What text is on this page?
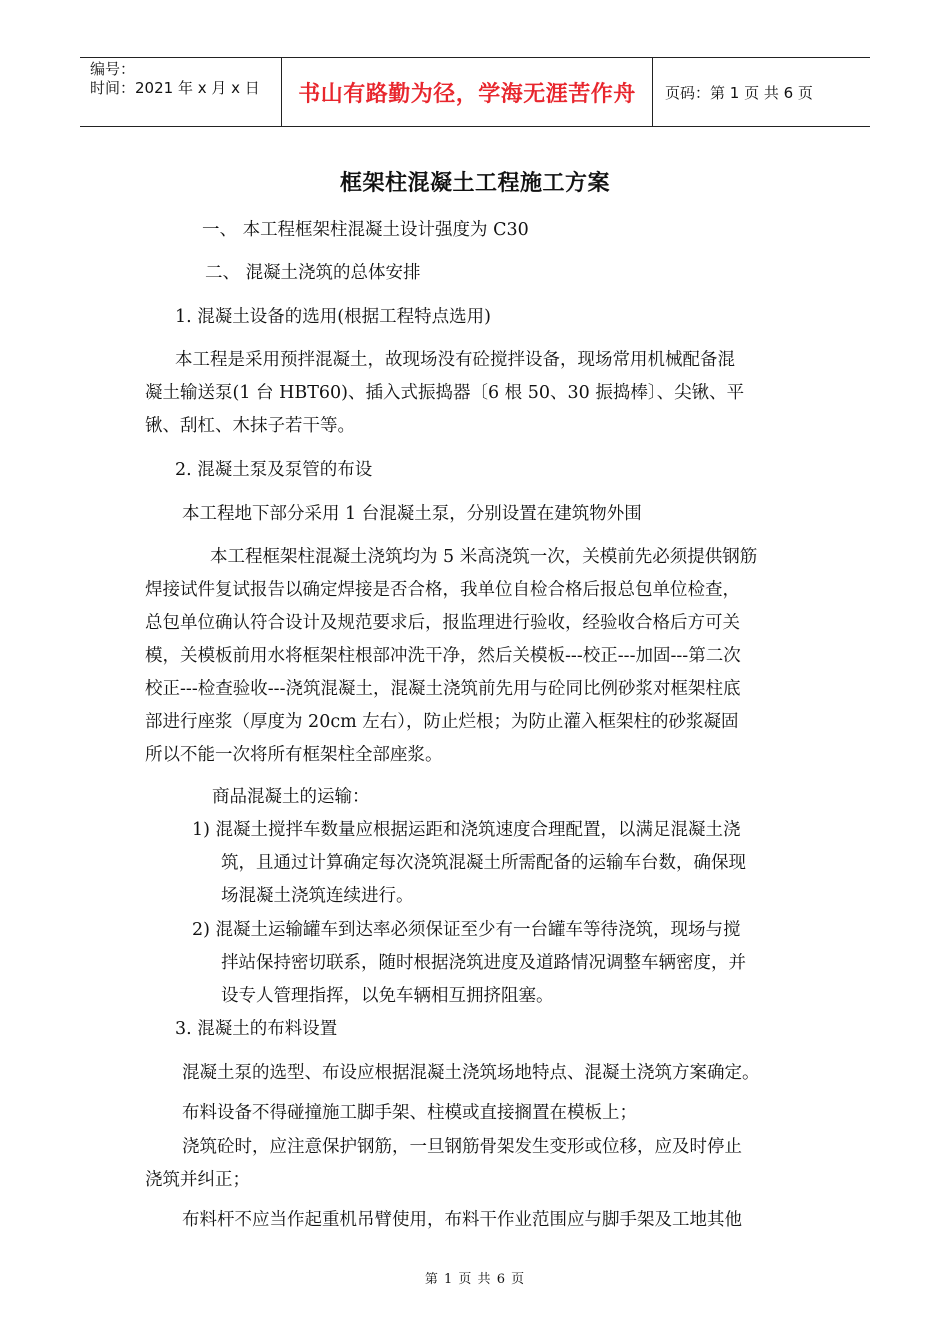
编号：
时间：2021 年 x 月 x 日	书山有路勤为径，学海无涯苦作舟	页码：第 1 页 共 6 页
框架柱混凝土工程施工方案
一、 本工程框架柱混凝土设计强度为 C30
二、 混凝土浇筑的总体安排
1. 混凝土设备的选用(根据工程特点选用)
本工程是采用预拌混凝土，故现场没有砼搅拌设备，现场常用机械配备混
凝土输送泵(1 台 HBT60)、插入式振捣器〔6 根 50、30 振捣棒〕、尖锹、平
锹、刮杠、木抹子若干等。
2. 混凝土泵及泵管的布设
本工程地下部分采用 1 台混凝土泵，分别设置在建筑物外围
本工程框架柱混凝土浇筑均为 5 米高浇筑一次，关模前先必须提供钢筋
焊接试件复试报告以确定焊接是否合格，我单位自检合格后报总包单位检查，
总包单位确认符合设计及规范要求后，报监理进行验收，经验收合格后方可关
模，关模板前用水将框架柱根部冲洗干净，然后关模板---校正---加固---第二次
校正---检查验收---浇筑混凝土，混凝土浇筑前先用与砼同比例砂浆对框架柱底
部进行座浆（厚度为 20cm 左右），防止烂根；为防止灌入框架柱的砂浆凝固
所以不能一次将所有框架柱全部座浆。
商品混凝土的运输：
1) 混凝土搅拌车数量应根据运距和浇筑速度合理配置，以满足混凝土浇
筑，且通过计算确定每次浇筑混凝土所需配备的运输车台数，确保现
场混凝土浇筑连续进行。
2) 混凝土运输罐车到达率必须保证至少有一台罐车等待浇筑，现场与搅
拌站保持密切联系，随时根据浇筑进度及道路情况调整车辆密度，并
设专人管理指挥，以免车辆相互拥挤阻塞。
3. 混凝土的布料设置
混凝土泵的选型、布设应根据混凝土浇筑场地特点、混凝土浇筑方案确定。
布料设备不得碰撞施工脚手架、柱模或直接搁置在模板上；
浇筑砼时，应注意保护钢筋，一旦钢筋骨架发生变形或位移，应及时停止
浇筑并纠正；
布料杆不应当作起重机吊臂使用，布料干作业范围应与脚手架及工地其他
第 1 页 共 6 页
